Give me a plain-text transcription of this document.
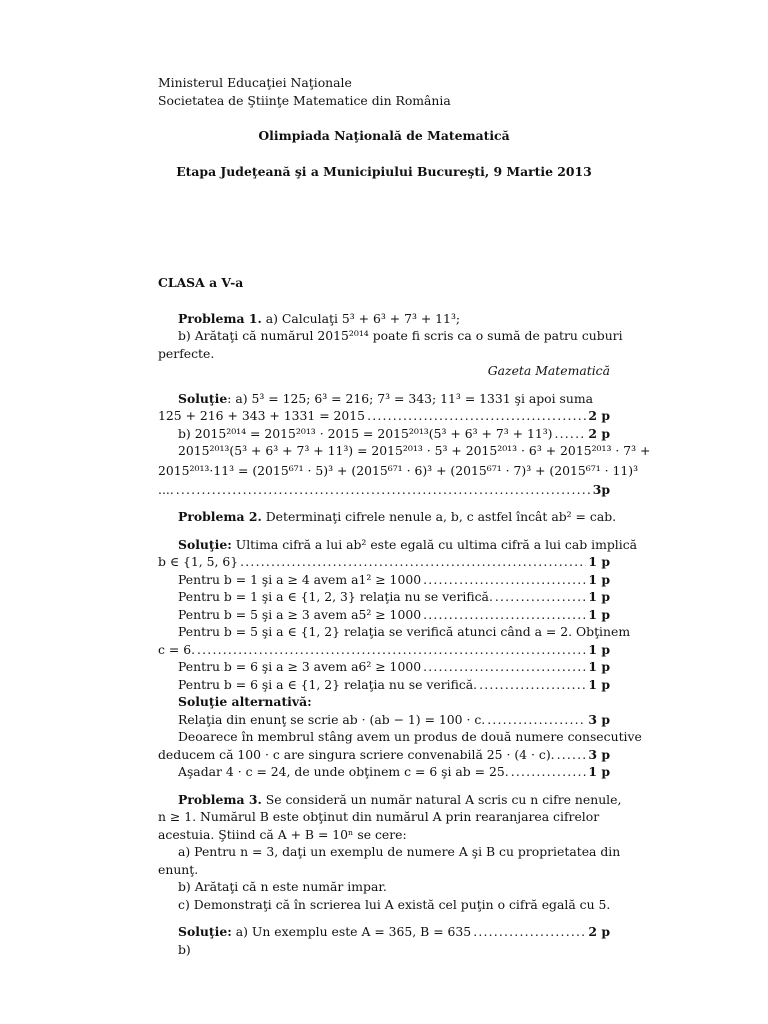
Ministerul Educaţiei Naţionale
Societatea de Ştiinţe Matematice din România
Olimpiada Naţională de Matematică
Etapa Judeţeană şi a Municipiului Bucureşti, 9 Martie 2013
CLASA a V-a
Problema 1. a) Calculaţi 5³ + 6³ + 7³ + 11³;
b) Arătaţi că numărul 2015²⁰¹⁴ poate fi scris ca o sumă de patru cuburi
perfecte.
Gazeta Matematică
Soluţie: a) 5³ = 125; 6³ = 216; 7³ = 343; 11³ = 1331 şi apoi suma
125 + 216 + 343 + 1331 = 2015 .....	2 p
b) 2015²⁰¹⁴ = 2015²⁰¹³ · 2015 = 2015²⁰¹³(5³ + 6³ + 7³ + 11³) .....	2 p
2015²⁰¹³(5³ + 6³ + 7³ + 11³) = 2015²⁰¹³ · 5³ + 2015²⁰¹³ · 6³ + 2015²⁰¹³ · 7³ +
2015²⁰¹³·11³ = (2015⁶⁷¹ · 5)³ + (2015⁶⁷¹ · 6)³ + (2015⁶⁷¹ · 7)³ + (2015⁶⁷¹ · 11)³
.... .....	3p
Problema 2. Determinaţi cifrele nenule a, b, c astfel încât ab² = cab.
Soluţie: Ultima cifră a lui ab² este egală cu ultima cifră a lui cab implică
b ∈ {1, 5, 6} .....	1 p
Pentru b = 1 şi a ≥ 4 avem a1² ≥ 1000 .....	1 p
Pentru b = 1 şi a ∈ {1, 2, 3} relaţia nu se verifică. .....	1 p
Pentru b = 5 şi a ≥ 3 avem a5² ≥ 1000 .....	1 p
Pentru b = 5 şi a ∈ {1, 2} relaţia se verifică atunci când a = 2. Obţinem
c = 6. .....	1 p
Pentru b = 6 şi a ≥ 3 avem a6² ≥ 1000 .....	1 p
Pentru b = 6 şi a ∈ {1, 2} relaţia nu se verifică. .....	1 p
Soluţie alternativă:
Relaţia din enunţ se scrie ab · (ab − 1) = 100 · c. .....	3 p
Deoarece în membrul stâng avem un produs de două numere consecutive
deducem că 100 · c are singura scriere convenabilă 25 · (4 · c). .....	3 p
Aşadar 4 · c = 24, de unde obţinem c = 6 şi ab = 25. .....	1 p
Problema 3. Se consideră un număr natural A scris cu n cifre nenule,
n ≥ 1. Numărul B este obţinut din numărul A prin rearanjarea cifrelor
acestuia. Ştiind că A + B = 10ⁿ se cere:
a) Pentru n = 3, daţi un exemplu de numere A şi B cu proprietatea din
enunţ.
b) Arătaţi că n este număr impar.
c) Demonstraţi că în scrierea lui A există cel puţin o cifră egală cu 5.
Soluţie: a) Un exemplu este A = 365, B = 635 .....	2 p
b)
